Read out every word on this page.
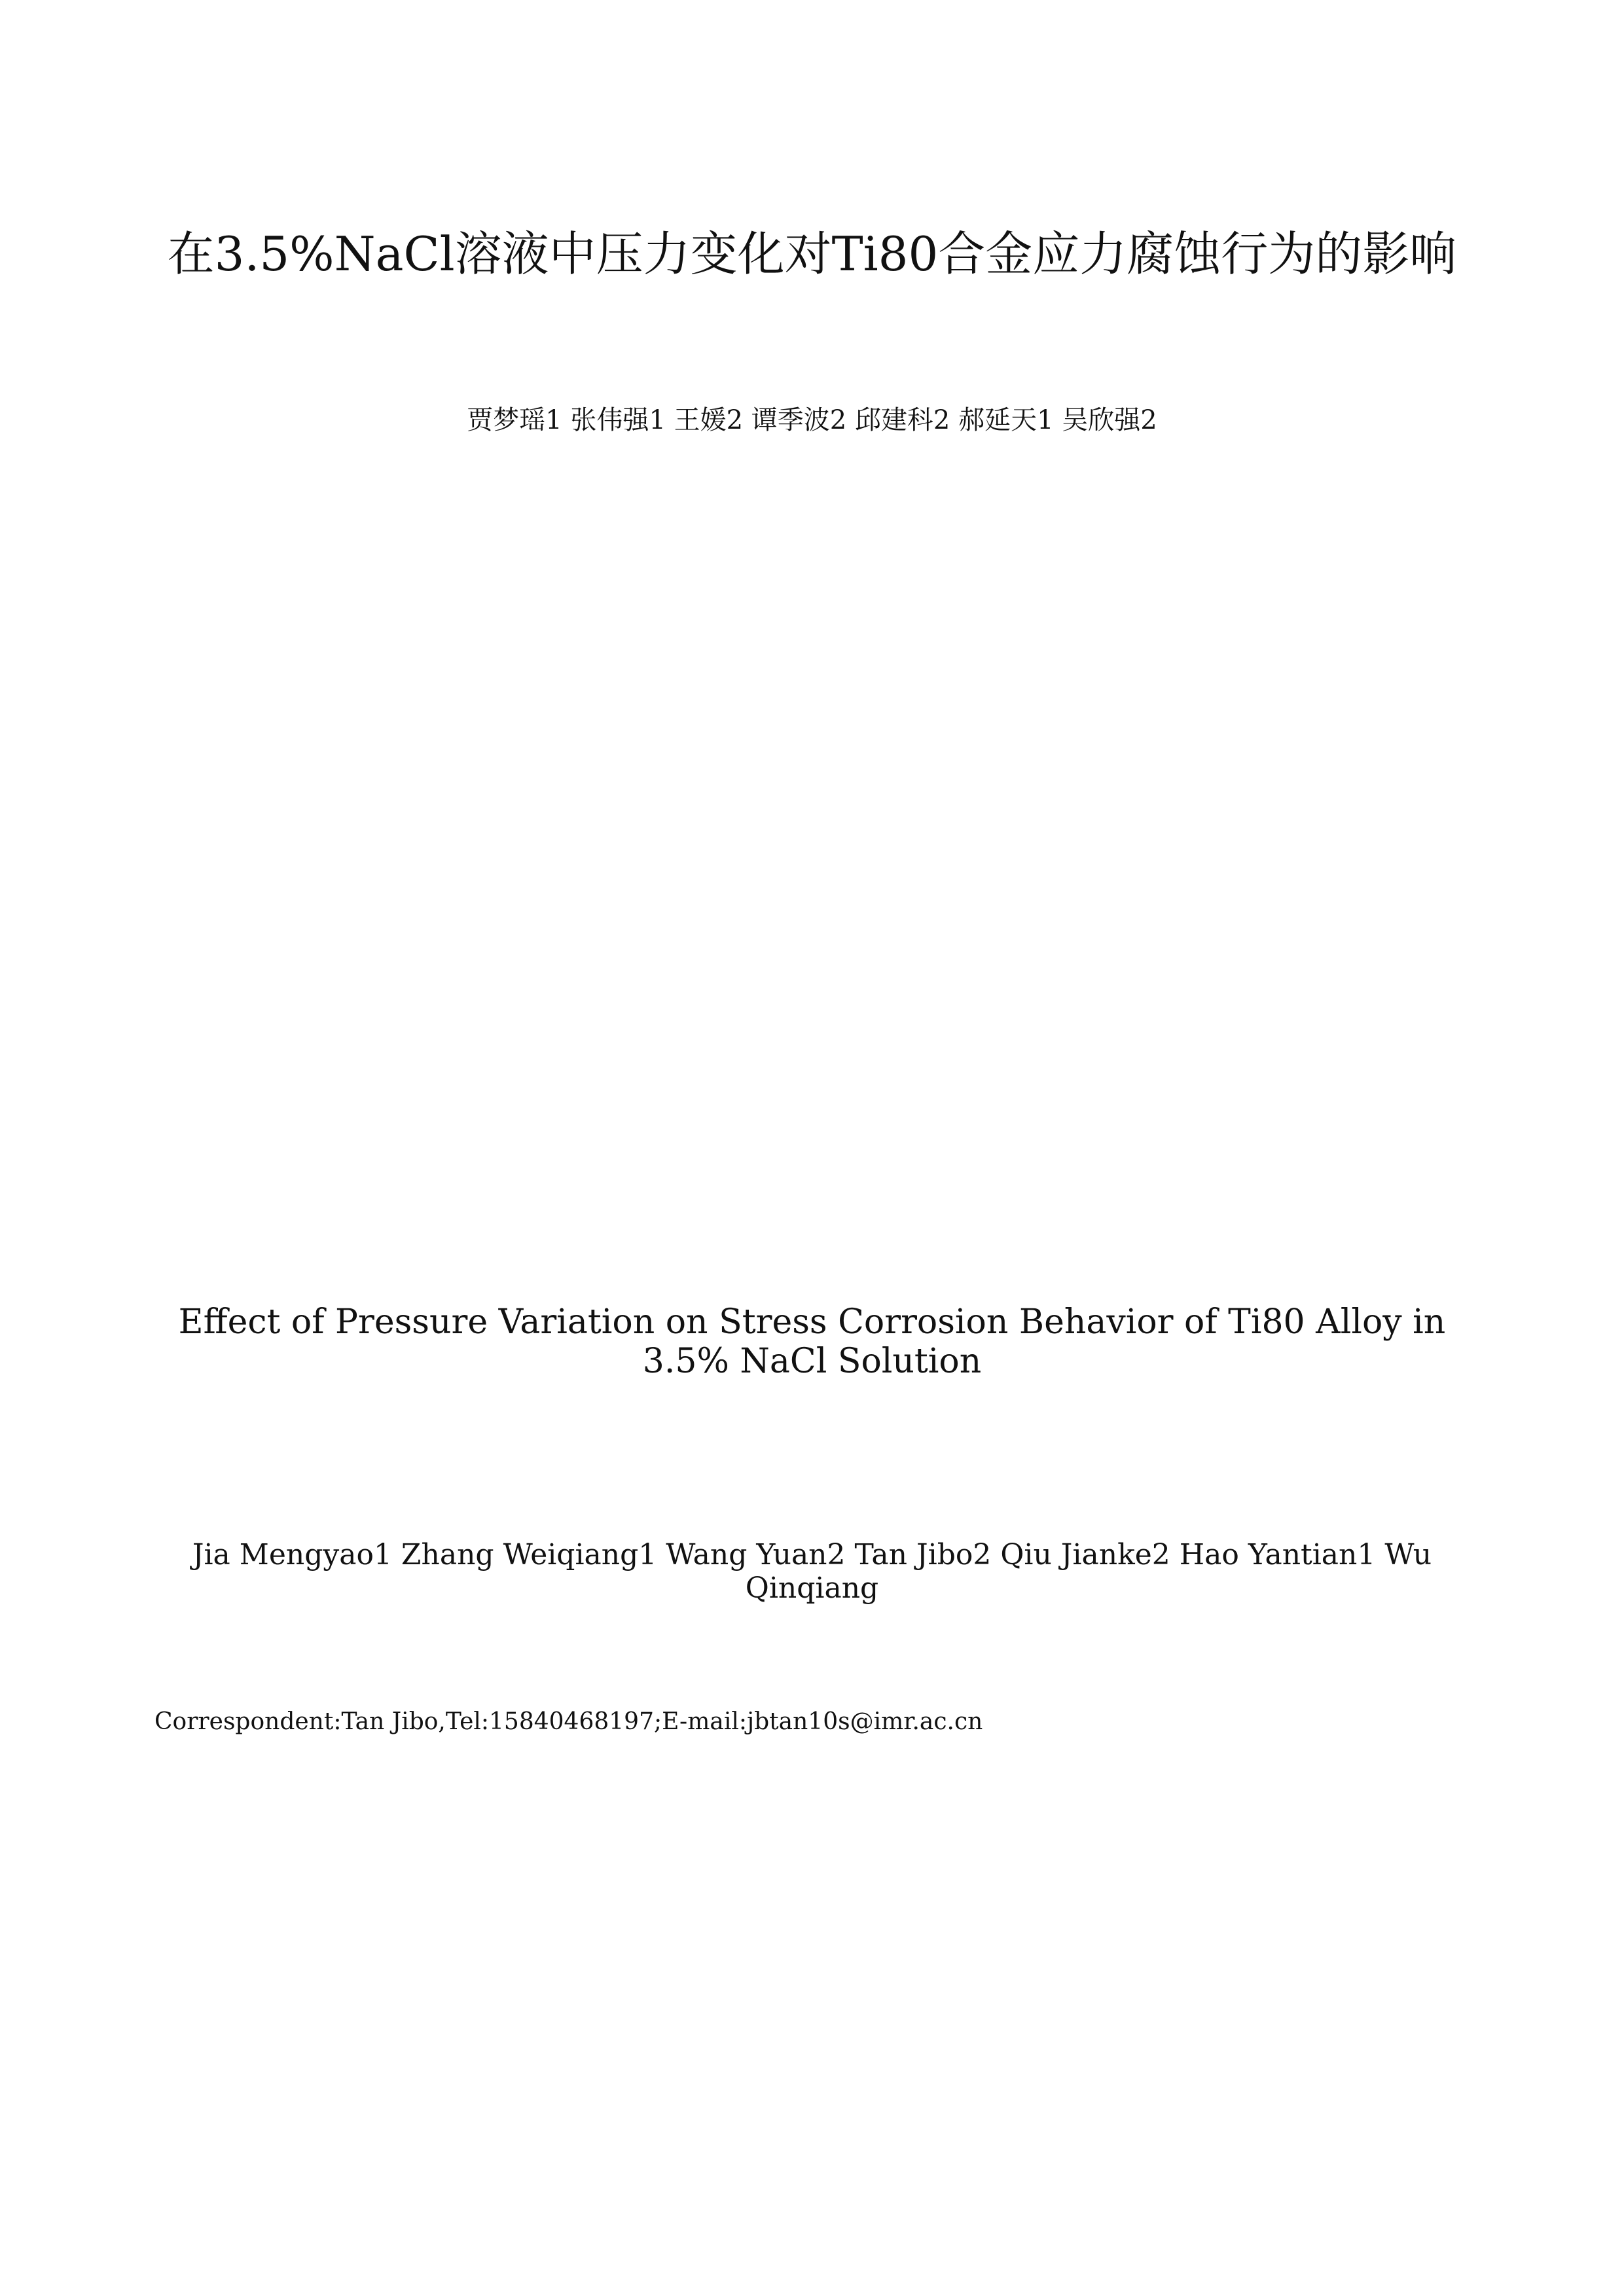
在3.5%NaCl溶液中压力变化对Ti80合金应力腐蚀行为的影响
贾梦瑶1 张伟强1 王媛2 谭季波2 邱建科2 郝延天1 吴欣强2
Effect of Pressure Variation on Stress Corrosion Behavior of Ti80 Alloy in 3.5% NaCl Solution
Jia Mengyao1 Zhang Weiqiang1 Wang Yuan2 Tan Jibo2 Qiu Jianke2 Hao Yantian1 Wu Qinqiang
Correspondent:Tan Jibo,Tel:15840468197;E-mail:jbtan10s@imr.ac.cn
